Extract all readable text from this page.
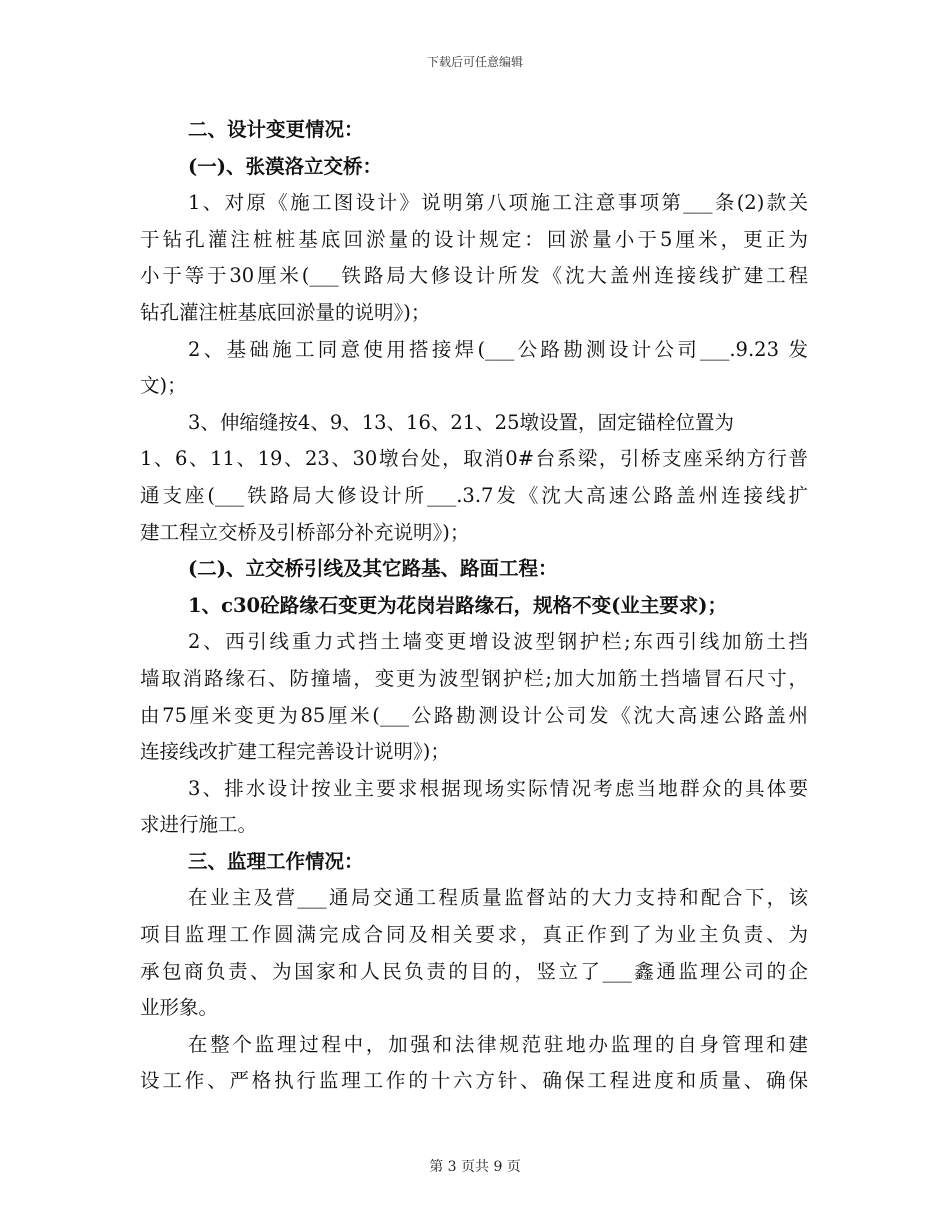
下载后可任意编辑
二、设计变更情况：
(一)、张漠洛立交桥：
1、对原《施工图设计》说明第八项施工注意事项第___条(2)款关
于钻孔灌注桩桩基底回淤量的设计规定：回淤量小于5厘米，更正为
小于等于30厘米(___铁路局大修设计所发《沈大盖州连接线扩建工程
钻孔灌注桩基底回淤量的说明》)；
2、基础施工同意使用搭接焊(___公路勘测设计公司___.9.23 发
文)；
3、伸缩缝按4、9、13、16、21、25墩设置，固定锚栓位置为
1、6、11、19、23、30墩台处，取消0#台系梁，引桥支座采纳方行普
通支座(___铁路局大修设计所___.3.7发《沈大高速公路盖州连接线扩
建工程立交桥及引桥部分补充说明》)；
(二)、立交桥引线及其它路基、路面工程：
1、c30砼路缘石变更为花岗岩路缘石，规格不变(业主要求)；
2、西引线重力式挡土墙变更增设波型钢护栏;东西引线加筋土挡
墙取消路缘石、防撞墙，变更为波型钢护栏;加大加筋土挡墙冒石尺寸，
由75厘米变更为85厘米(___公路勘测设计公司发《沈大高速公路盖州
连接线改扩建工程完善设计说明》)；
3、排水设计按业主要求根据现场实际情况考虑当地群众的具体要
求进行施工。
三、监理工作情况：
在业主及营___通局交通工程质量监督站的大力支持和配合下，该
项目监理工作圆满完成合同及相关要求，真正作到了为业主负责、为
承包商负责、为国家和人民负责的目的，竖立了___鑫通监理公司的企
业形象。
在整个监理过程中，加强和法律规范驻地办监理的自身管理和建
设工作、严格执行监理工作的十六方针、确保工程进度和质量、确保
第 3 页共 9 页
